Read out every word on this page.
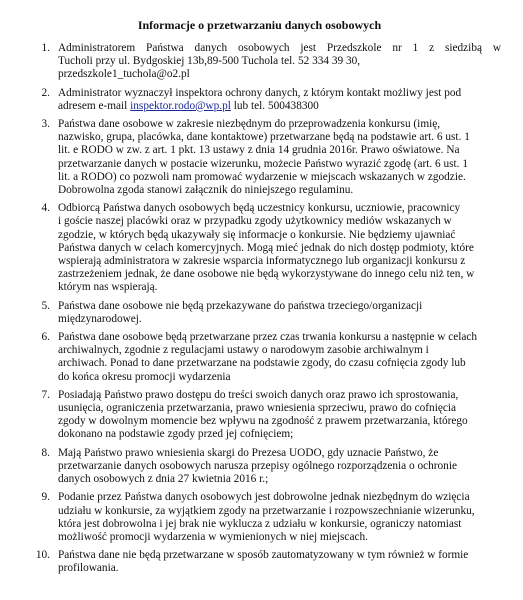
Informacje o przetwarzaniu danych osobowych
1. Administratorem Państwa danych osobowych jest Przedszkole nr 1 z siedzibą w
Tucholi przy ul. Bydgoskiej 13b,89-500 Tuchola tel. 52 334 39 30,
przedszkole1_tuchola@o2.pl
2. Administrator wyznaczył inspektora ochrony danych, z którym kontakt możliwy jest pod
adresem e-mail inspektor.rodo@wp.pl lub tel. 500438300
3. Państwa dane osobowe w zakresie niezbędnym do przeprowadzenia konkursu (imię,
nazwisko, grupa, placówka, dane kontaktowe) przetwarzane będą na podstawie art. 6 ust. 1
lit. e RODO w zw. z art. 1 pkt. 13 ustawy z dnia 14 grudnia 2016r. Prawo oświatowe. Na
przetwarzanie danych w postacie wizerunku, możecie Państwo wyrazić zgodę (art. 6 ust. 1
lit. a RODO) co pozwoli nam promować wydarzenie w miejscach wskazanych w zgodzie.
Dobrowolna zgoda stanowi załącznik do niniejszego regulaminu.
4. Odbiorcą Państwa danych osobowych będą uczestnicy konkursu, uczniowie, pracownicy
i goście naszej placówki oraz w przypadku zgody użytkownicy mediów wskazanych w
zgodzie, w których będą ukazywały się informacje o konkursie. Nie będziemy ujawniać
Państwa danych w celach komercyjnych. Mogą mieć jednak do nich dostęp podmioty, które
wspierają administratora w zakresie wsparcia informatycznego lub organizacji konkursu z
zastrzeżeniem jednak, że dane osobowe nie będą wykorzystywane do innego celu niż ten, w
którym nas wspierają.
5. Państwa dane osobowe nie będą przekazywane do państwa trzeciego/organizacji
międzynarodowej.
6. Państwa dane osobowe będą przetwarzane przez czas trwania konkursu a następnie w celach
archiwalnych, zgodnie z regulacjami ustawy o narodowym zasobie archiwalnym i
archiwach. Ponad to dane przetwarzane na podstawie zgody, do czasu cofnięcia zgody lub
do końca okresu promocji wydarzenia
7. Posiadają Państwo prawo dostępu do treści swoich danych oraz prawo ich sprostowania,
usunięcia, ograniczenia przetwarzania, prawo wniesienia sprzeciwu, prawo do cofnięcia
zgody w dowolnym momencie bez wpływu na zgodność z prawem przetwarzania, którego
dokonano na podstawie zgody przed jej cofnięciem;
8. Mają Państwo prawo wniesienia skargi do Prezesa UODO, gdy uznacie Państwo, że
przetwarzanie danych osobowych narusza przepisy ogólnego rozporządzenia o ochronie
danych osobowych z dnia 27 kwietnia 2016 r.;
9. Podanie przez Państwa danych osobowych jest dobrowolne jednak niezbędnym do wzięcia
udziału w konkursie, za wyjątkiem zgody na przetwarzanie i rozpowszechnianie wizerunku,
która jest dobrowolna i jej brak nie wyklucza z udziału w konkursie, ograniczy natomiast
możliwość promocji wydarzenia w wymienionych w niej miejscach.
10. Państwa dane nie będą przetwarzane w sposób zautomatyzowany w tym również w formie
profilowania.
